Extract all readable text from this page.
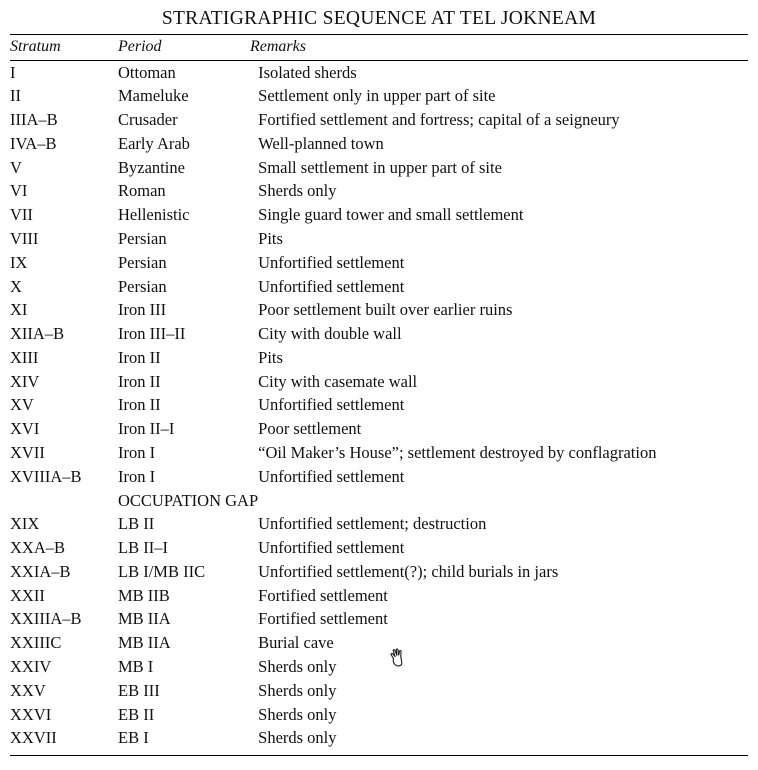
STRATIGRAPHIC SEQUENCE AT TEL JOKNEAM
Stratum	Period	Remarks
I	Ottoman	Isolated sherds
II	Mameluke	Settlement only in upper part of site
IIIA–B	Crusader	Fortified settlement and fortress; capital of a seigneury
IVA–B	Early Arab	Well-planned town
V	Byzantine	Small settlement in upper part of site
VI	Roman	Sherds only
VII	Hellenistic	Single guard tower and small settlement
VIII	Persian	Pits
IX	Persian	Unfortified settlement
X	Persian	Unfortified settlement
XI	Iron III	Poor settlement built over earlier ruins
XIIA–B	Iron III–II	City with double wall
XIII	Iron II	Pits
XIV	Iron II	City with casemate wall
XV	Iron II	Unfortified settlement
XVI	Iron II–I	Poor settlement
XVII	Iron I	“Oil Maker’s House”; settlement destroyed by conflagration
XVIIIA–B	Iron I	Unfortified settlement
	OCCUPATION GAP	
XIX	LB II	Unfortified settlement; destruction
XXA–B	LB II–I	Unfortified settlement
XXIA–B	LB I/MB IIC	Unfortified settlement(?); child burials in jars
XXII	MB IIB	Fortified settlement
XXIIIA–B	MB IIA	Fortified settlement
XXIIIC	MB IIA	Burial cave
XXIV	MB I	Sherds only
XXV	EB III	Sherds only
XXVI	EB II	Sherds only
XXVII	EB I	Sherds only
